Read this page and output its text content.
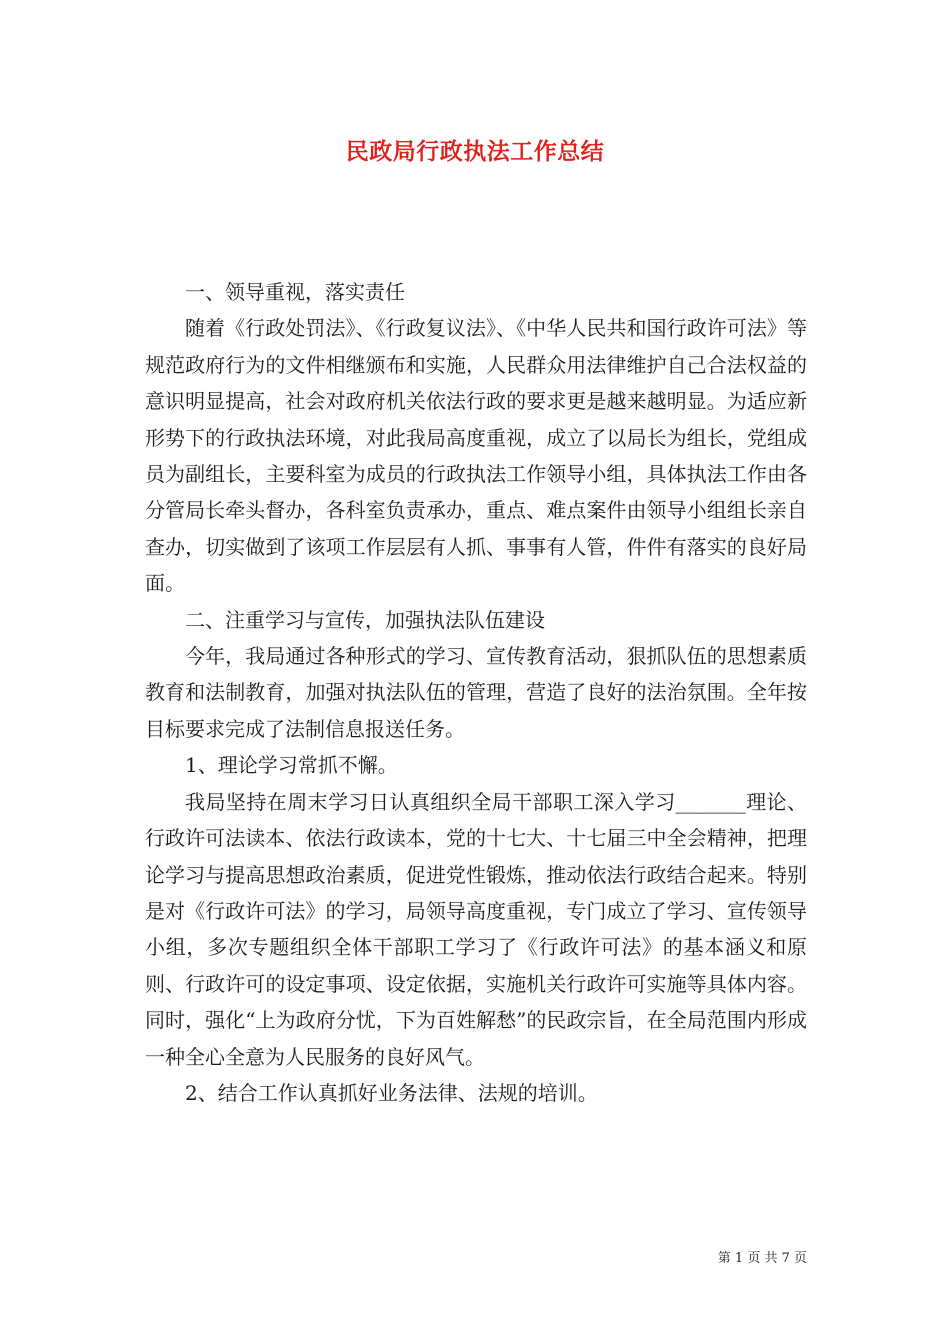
民政局行政执法工作总结

一、领导重视，落实责任

随着《行政处罚法》、《行政复议法》、《中华人民共和国行政许可法》等规范政府行为的文件相继颁布和实施，人民群众用法律维护自己合法权益的意识明显提高，社会对政府机关依法行政的要求更是越来越明显。为适应新形势下的行政执法环境，对此我局高度重视，成立了以局长为组长，党组成员为副组长，主要科室为成员的行政执法工作领导小组，具体执法工作由各分管局长牵头督办，各科室负责承办，重点、难点案件由领导小组组长亲自查办，切实做到了该项工作层层有人抓、事事有人管，件件有落实的良好局面。

二、注重学习与宣传，加强执法队伍建设

今年，我局通过各种形式的学习、宣传教育活动，狠抓队伍的思想素质教育和法制教育，加强对执法队伍的管理，营造了良好的法治氛围。全年按目标要求完成了法制信息报送任务。

1、理论学习常抓不懈。

我局坚持在周末学习日认真组织全局干部职工深入学习_______理论、行政许可法读本、依法行政读本，党的十七大、十七届三中全会精神，把理论学习与提高思想政治素质，促进党性锻炼，推动依法行政结合起来。特别是对《行政许可法》的学习，局领导高度重视，专门成立了学习、宣传领导小组，多次专题组织全体干部职工学习了《行政许可法》的基本涵义和原则、行政许可的设定事项、设定依据，实施机关行政许可实施等具体内容。同时，强化“上为政府分忧，下为百姓解愁”的民政宗旨，在全局范围内形成一种全心全意为人民服务的良好风气。

2、结合工作认真抓好业务法律、法规的培训。

第 1 页 共 7 页
